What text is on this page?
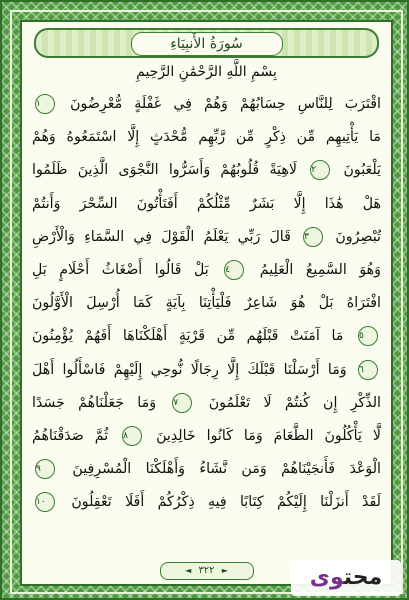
سُورَةُ الأَنبِيَاءِ
بِسْمِ اللَّهِ الرَّحْمَٰنِ الرَّحِيمِ
اقْتَرَبَ لِلنَّاسِ حِسَابُهُمْ وَهُمْ فِي غَفْلَةٍ مُّعْرِضُونَ ١
مَا يَأْتِيهِم مِّن ذِكْرٍ مِّن رَّبِّهِم مُّحْدَثٍ إِلَّا اسْتَمَعُوهُ وَهُمْ
يَلْعَبُونَ ٢ لَاهِيَةً قُلُوبُهُمْ وَأَسَرُّوا النَّجْوَى الَّذِينَ ظَلَمُوا
هَلْ هَٰذَا إِلَّا بَشَرٌ مِّثْلُكُمْ أَفَتَأْتُونَ السِّحْرَ وَأَنتُمْ
تُبْصِرُونَ ٣ قَالَ رَبِّي يَعْلَمُ الْقَوْلَ فِي السَّمَاءِ وَالْأَرْضِ
وَهُوَ السَّمِيعُ الْعَلِيمُ ٤ بَلْ قَالُوا أَضْغَاثُ أَحْلَامٍ بَلِ
افْتَرَاهُ بَلْ هُوَ شَاعِرٌ فَلْيَأْتِنَا بِآيَةٍ كَمَا أُرْسِلَ الْأَوَّلُونَ
٥ مَا آمَنَتْ قَبْلَهُم مِّن قَرْيَةٍ أَهْلَكْنَاهَا أَفَهُمْ يُؤْمِنُونَ
٦ وَمَا أَرْسَلْنَا قَبْلَكَ إِلَّا رِجَالًا نُّوحِي إِلَيْهِمْ فَاسْأَلُوا أَهْلَ
الذِّكْرِ إِن كُنتُمْ لَا تَعْلَمُونَ ٧ وَمَا جَعَلْنَاهُمْ جَسَدًا
لَّا يَأْكُلُونَ الطَّعَامَ وَمَا كَانُوا خَالِدِينَ ٨ ثُمَّ صَدَقْنَاهُمُ
الْوَعْدَ فَأَنجَيْنَاهُمْ وَمَن نَّشَاءُ وَأَهْلَكْنَا الْمُسْرِفِينَ ٩
لَقَدْ أَنزَلْنَا إِلَيْكُمْ كِتَابًا فِيهِ ذِكْرُكُمْ أَفَلَا تَعْقِلُونَ ١٠
◄ ٣٢٢ ►	محتوى
